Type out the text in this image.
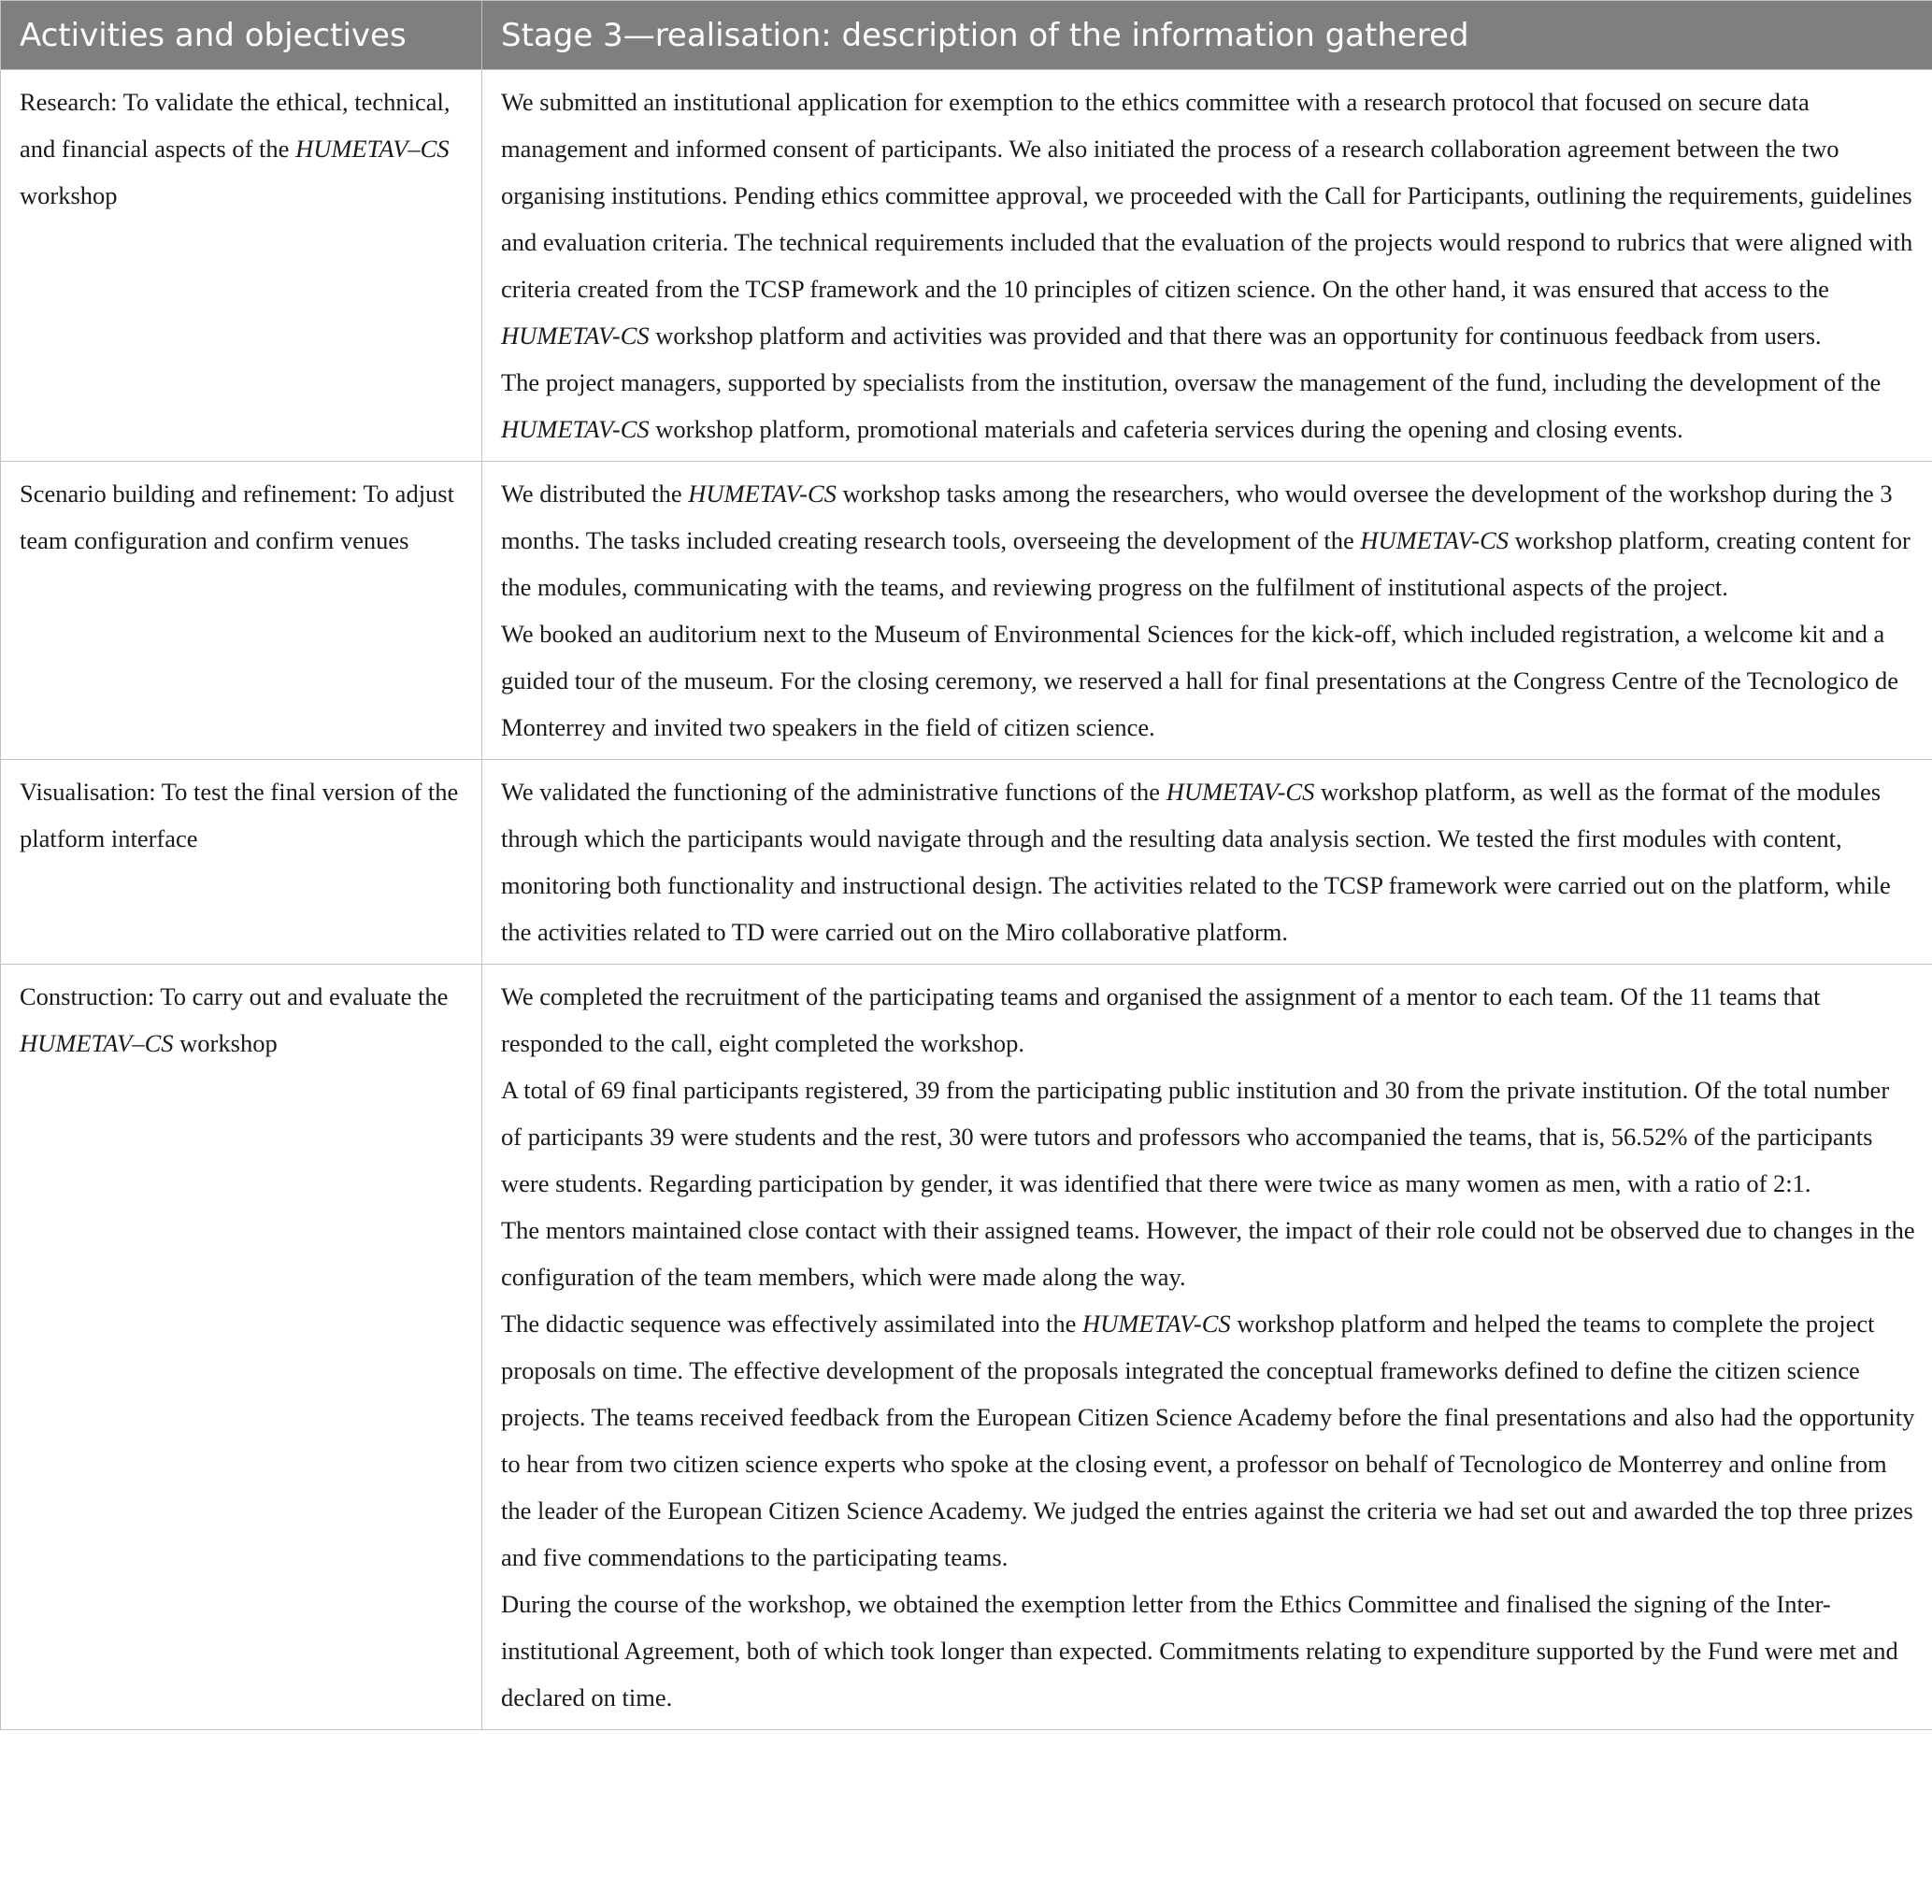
Activities and objectives	Stage 3—realisation: description of the information gathered

Research: To validate the ethical, technical, and financial aspects of the HUMETAV–CS workshop	We submitted an institutional application for exemption to the ethics committee with a research protocol that focused on secure data management and informed consent of participants. We also initiated the process of a research collaboration agreement between the two organising institutions. Pending ethics committee approval, we proceeded with the Call for Participants, outlining the requirements, guidelines and evaluation criteria. The technical requirements included that the evaluation of the projects would respond to rubrics that were aligned with criteria created from the TCSP framework and the 10 principles of citizen science. On the other hand, it was ensured that access to the HUMETAV-CS workshop platform and activities was provided and that there was an opportunity for continuous feedback from users.

The project managers, supported by specialists from the institution, oversaw the management of the fund, including the development of the HUMETAV-CS workshop platform, promotional materials and cafeteria services during the opening and closing events.

Scenario building and refinement: To adjust team configuration and confirm venues	We distributed the HUMETAV-CS workshop tasks among the researchers, who would oversee the development of the workshop during the 3 months. The tasks included creating research tools, overseeing the development of the HUMETAV-CS workshop platform, creating content for the modules, communicating with the teams, and reviewing progress on the fulfilment of institutional aspects of the project.

We booked an auditorium next to the Museum of Environmental Sciences for the kick-off, which included registration, a welcome kit and a guided tour of the museum. For the closing ceremony, we reserved a hall for final presentations at the Congress Centre of the Tecnologico de Monterrey and invited two speakers in the field of citizen science.

Visualisation: To test the final version of the platform interface	We validated the functioning of the administrative functions of the HUMETAV-CS workshop platform, as well as the format of the modules through which the participants would navigate through and the resulting data analysis section. We tested the first modules with content, monitoring both functionality and instructional design. The activities related to the TCSP framework were carried out on the platform, while the activities related to TD were carried out on the Miro collaborative platform.

Construction: To carry out and evaluate the HUMETAV–CS workshop	We completed the recruitment of the participating teams and organised the assignment of a mentor to each team. Of the 11 teams that responded to the call, eight completed the workshop.

A total of 69 final participants registered, 39 from the participating public institution and 30 from the private institution. Of the total number of participants 39 were students and the rest, 30 were tutors and professors who accompanied the teams, that is, 56.52% of the participants were students. Regarding participation by gender, it was identified that there were twice as many women as men, with a ratio of 2:1.

The mentors maintained close contact with their assigned teams. However, the impact of their role could not be observed due to changes in the configuration of the team members, which were made along the way.

The didactic sequence was effectively assimilated into the HUMETAV-CS workshop platform and helped the teams to complete the project proposals on time. The effective development of the proposals integrated the conceptual frameworks defined to define the citizen science projects. The teams received feedback from the European Citizen Science Academy before the final presentations and also had the opportunity to hear from two citizen science experts who spoke at the closing event, a professor on behalf of Tecnologico de Monterrey and online from the leader of the European Citizen Science Academy. We judged the entries against the criteria we had set out and awarded the top three prizes and five commendations to the participating teams.

During the course of the workshop, we obtained the exemption letter from the Ethics Committee and finalised the signing of the Inter-institutional Agreement, both of which took longer than expected. Commitments relating to expenditure supported by the Fund were met and declared on time.
